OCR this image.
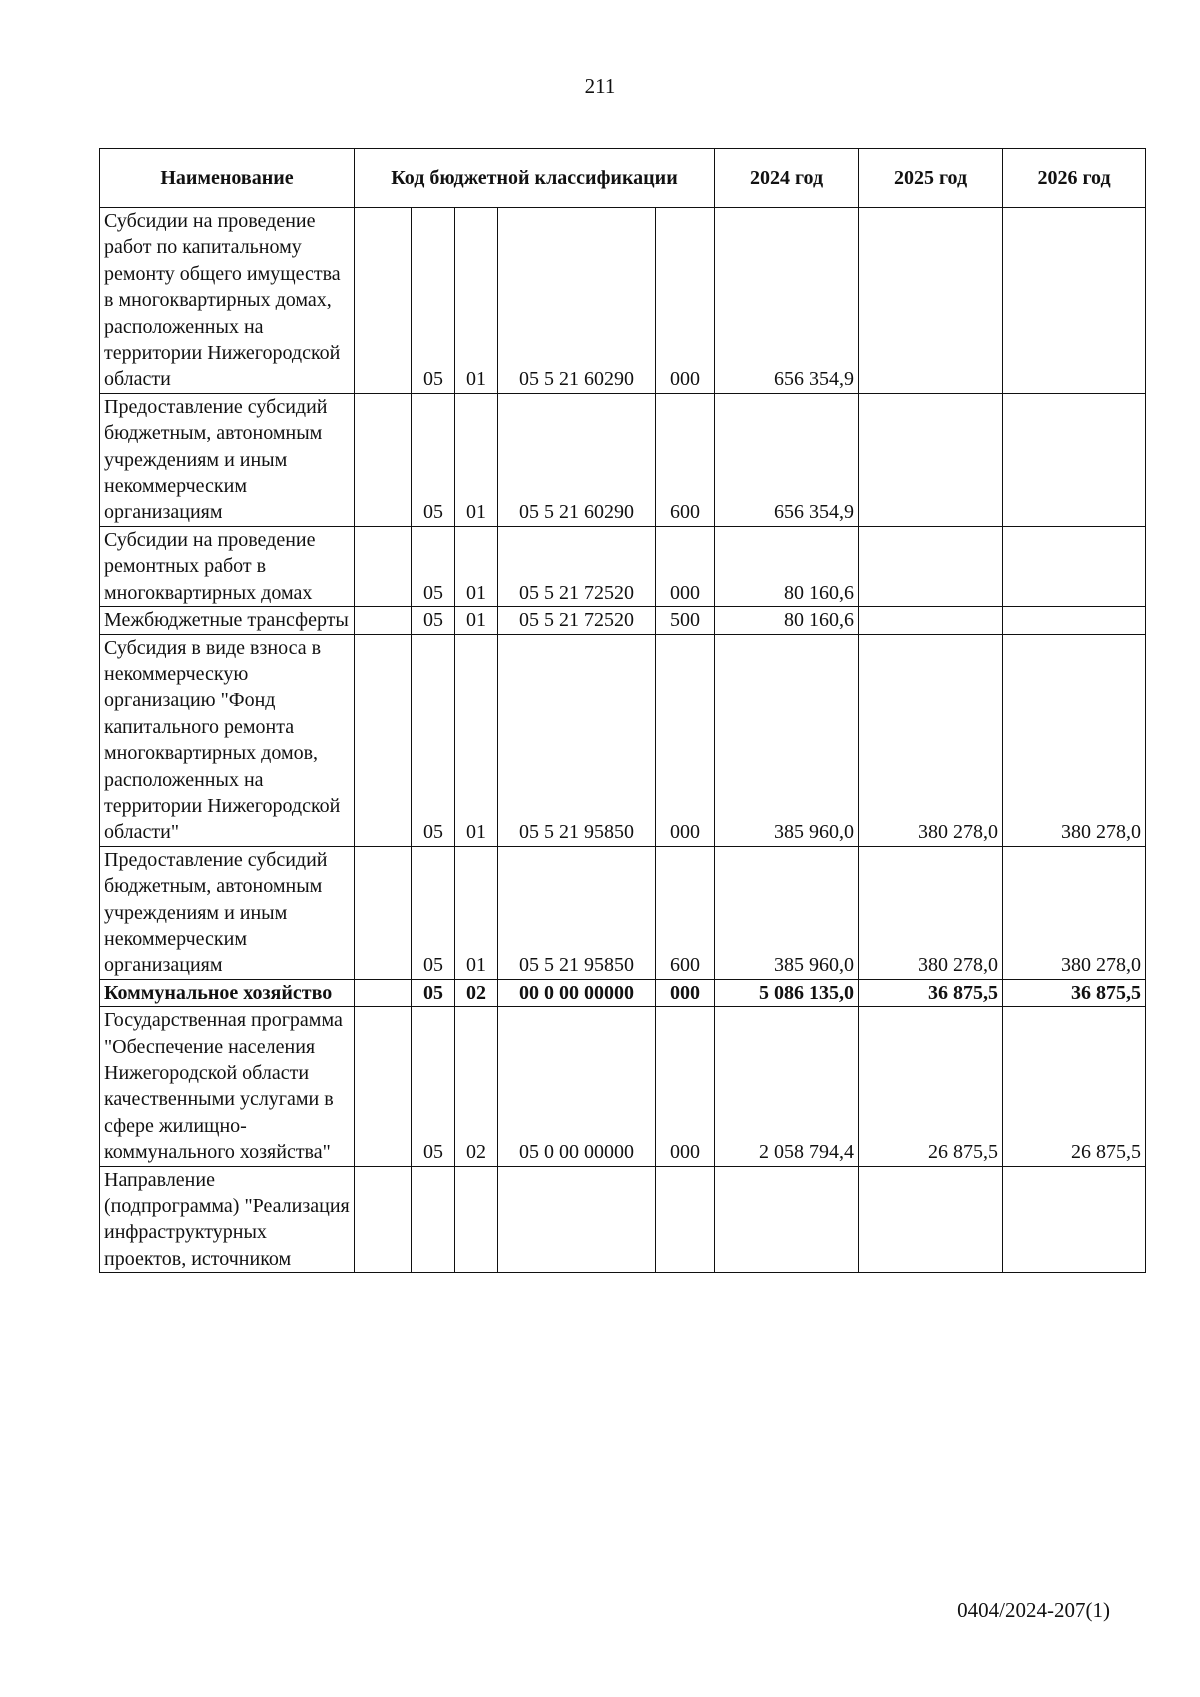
211
Наименование	Код бюджетной классификации					2024 год	2025 год	2026 год
Субсидии на проведение работ по капитальному ремонту общего имущества в многоквартирных домах, расположенных на территории Нижегородской области		05	01	05 5 21 60290	000	656 354,9		
Предоставление субсидий бюджетным, автономным учреждениям и иным некоммерческим организациям		05	01	05 5 21 60290	600	656 354,9		
Субсидии на проведение ремонтных работ в многоквартирных домах		05	01	05 5 21 72520	000	80 160,6		
Межбюджетные трансферты		05	01	05 5 21 72520	500	80 160,6		
Субсидия в виде взноса в некоммерческую организацию "Фонд капитального ремонта многоквартирных домов, расположенных на территории Нижегородской области"		05	01	05 5 21 95850	000	385 960,0	380 278,0	380 278,0
Предоставление субсидий бюджетным, автономным учреждениям и иным некоммерческим организациям		05	01	05 5 21 95850	600	385 960,0	380 278,0	380 278,0
Коммунальное хозяйство		05	02	00 0 00 00000	000	5 086 135,0	36 875,5	36 875,5
Государственная программа "Обеспечение населения Нижегородской области качественными услугами в сфере жилищно-коммунального хозяйства"		05	02	05 0 00 00000	000	2 058 794,4	26 875,5	26 875,5
Направление (подпрограмма) "Реализация инфраструктурных проектов, источником								
0404/2024-207(1)
